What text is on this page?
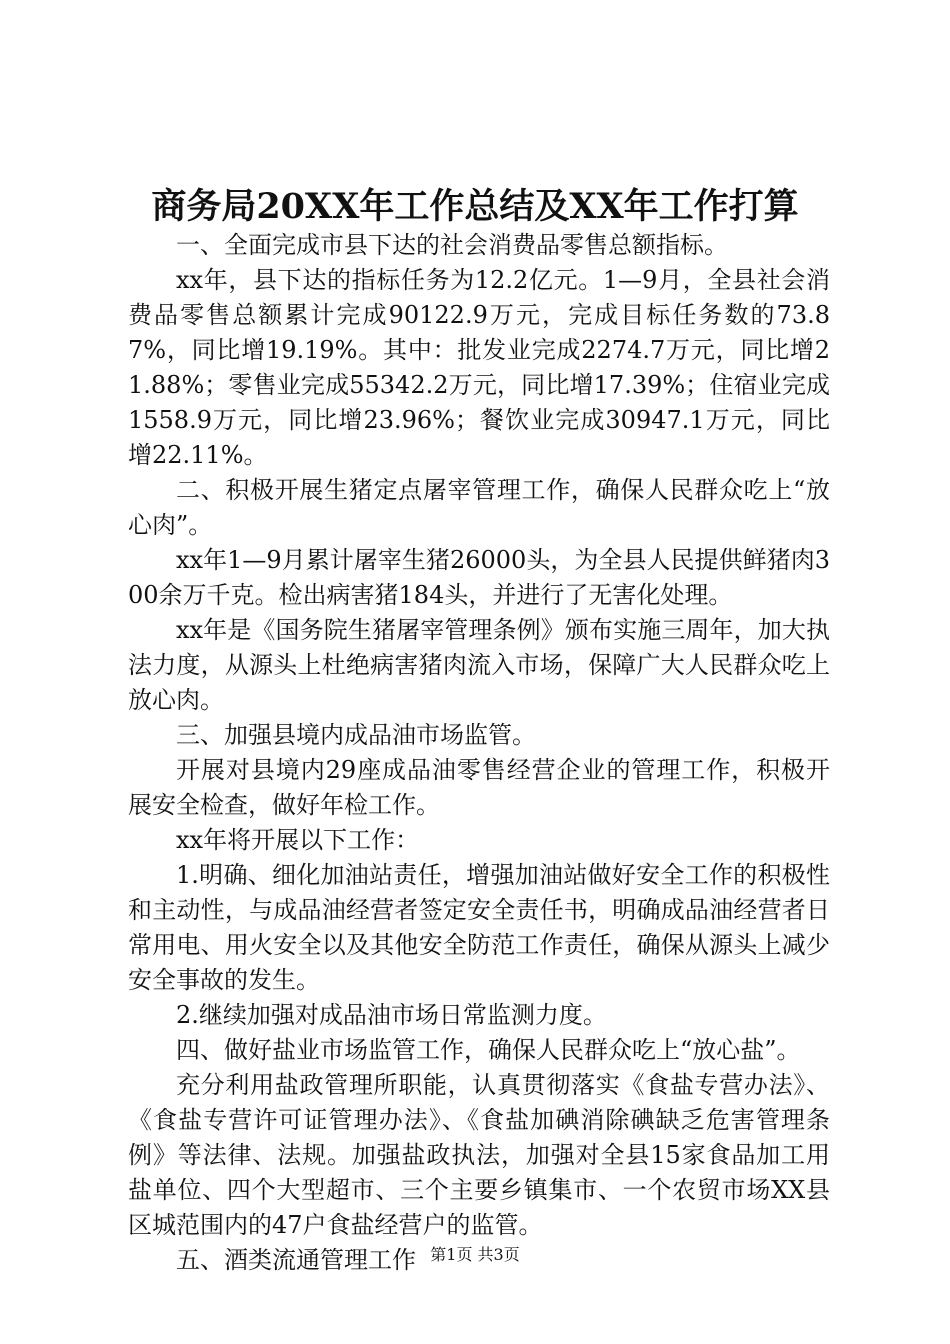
商务局20XX年工作总结及XX年工作打算

一、全面完成市县下达的社会消费品零售总额指标。

xx年，县下达的指标任务为12.2亿元。1—9月，全县社会消费品零售总额累计完成90122.9万元，完成目标任务数的73.87%，同比增19.19%。其中：批发业完成2274.7万元，同比增21.88%；零售业完成55342.2万元，同比增17.39%；住宿业完成1558.9万元，同比增23.96%；餐饮业完成30947.1万元，同比增22.11%。

二、积极开展生猪定点屠宰管理工作，确保人民群众吃上“放心肉”。

xx年1—9月累计屠宰生猪26000头，为全县人民提供鲜猪肉300余万千克。检出病害猪184头，并进行了无害化处理。

xx年是《国务院生猪屠宰管理条例》颁布实施三周年，加大执法力度，从源头上杜绝病害猪肉流入市场，保障广大人民群众吃上放心肉。

三、加强县境内成品油市场监管。

开展对县境内29座成品油零售经营企业的管理工作，积极开展安全检查，做好年检工作。

xx年将开展以下工作：

1.明确、细化加油站责任，增强加油站做好安全工作的积极性和主动性，与成品油经营者签定安全责任书，明确成品油经营者日常用电、用火安全以及其他安全防范工作责任，确保从源头上减少安全事故的发生。

2.继续加强对成品油市场日常监测力度。

四、做好盐业市场监管工作，确保人民群众吃上“放心盐”。

充分利用盐政管理所职能，认真贯彻落实《食盐专营办法》、《食盐专营许可证管理办法》、《食盐加碘消除碘缺乏危害管理条例》等法律、法规。加强盐政执法，加强对全县15家食品加工用盐单位、四个大型超市、三个主要乡镇集市、一个农贸市场XX县区城范围内的47户食盐经营户的监管。

五、酒类流通管理工作 第1页 共3页
